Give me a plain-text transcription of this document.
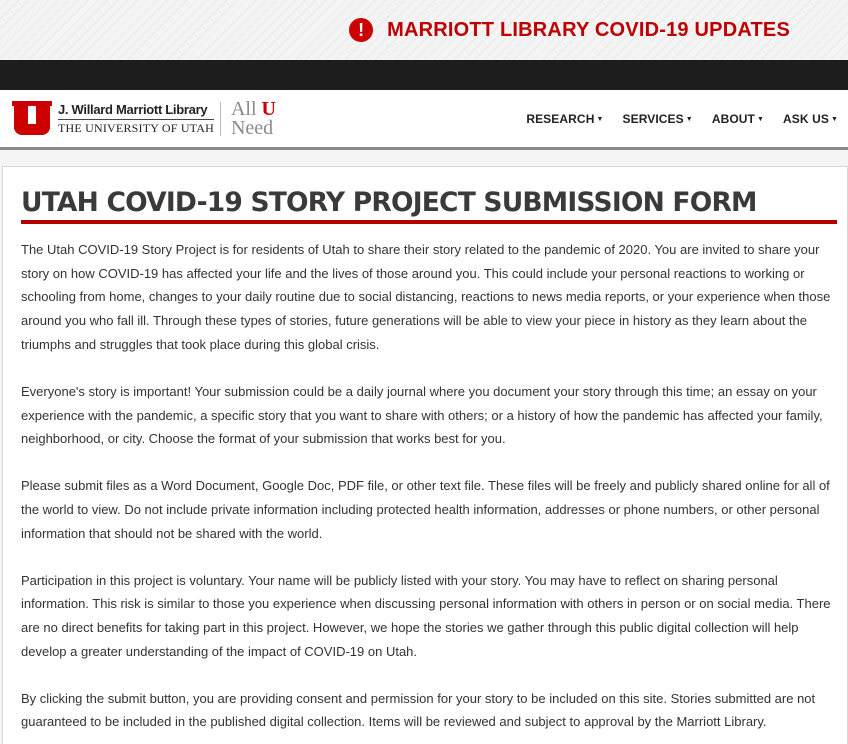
!	MARRIOTT LIBRARY COVID-19 UPDATES
J. Willard Marriott Library
THE UNIVERSITY OF UTAH
All U
Need	RESEARCH ▼ SERVICES ▼ ABOUT ▼ ASK US ▼
UTAH COVID-19 STORY PROJECT SUBMISSION FORM

The Utah COVID-19 Story Project is for residents of Utah to share their story related to the pandemic of 2020. You are invited to share your story on how COVID-19 has affected your life and the lives of those around you. This could include your personal reactions to working or schooling from home, changes to your daily routine due to social distancing, reactions to news media reports, or your experience when those around you who fall ill. Through these types of stories, future generations will be able to view your piece in history as they learn about the triumphs and struggles that took place during this global crisis.

Everyone's story is important! Your submission could be a daily journal where you document your story through this time; an essay on your experience with the pandemic, a specific story that you want to share with others; or a history of how the pandemic has affected your family, neighborhood, or city. Choose the format of your submission that works best for you.

Please submit files as a Word Document, Google Doc, PDF file, or other text file. These files will be freely and publicly shared online for all of the world to view. Do not include private information including protected health information, addresses or phone numbers, or other personal information that should not be shared with the world.

Participation in this project is voluntary. Your name will be publicly listed with your story. You may have to reflect on sharing personal information. This risk is similar to those you experience when discussing personal information with others in person or on social media. There are no direct benefits for taking part in this project. However, we hope the stories we gather through this public digital collection will help develop a greater understanding of the impact of COVID-19 on Utah.

By clicking the submit button, you are providing consent and permission for your story to be included on this site. Stories submitted are not guaranteed to be included in the published digital collection. Items will be reviewed and subject to approval by the Marriott Library.
